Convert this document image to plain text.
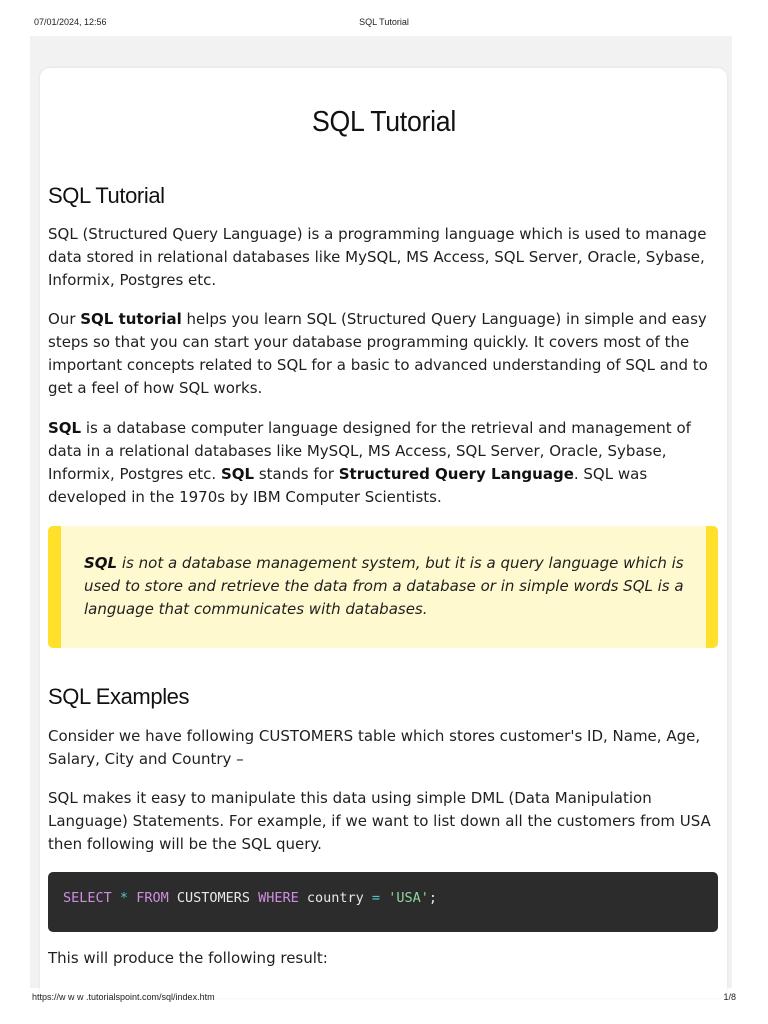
07/01/2024, 12:56	SQL Tutorial
SQL Tutorial
SQL Tutorial

SQL (Structured Query Language) is a programming language which is used to manage data stored in relational databases like MySQL, MS Access, SQL Server, Oracle, Sybase, Informix, Postgres etc.

Our SQL tutorial helps you learn SQL (Structured Query Language) in simple and easy steps so that you can start your database programming quickly. It covers most of the important concepts related to SQL for a basic to advanced understanding of SQL and to get a feel of how SQL works.

SQL is a database computer language designed for the retrieval and management of data in a relational databases like MySQL, MS Access, SQL Server, Oracle, Sybase, Informix, Postgres etc. SQL stands for Structured Query Language. SQL was developed in the 1970s by IBM Computer Scientists.

SQL is not a database management system, but it is a query language which is used to store and retrieve the data from a database or in simple words SQL is a language that communicates with databases.

SQL Examples

Consider we have following CUSTOMERS table which stores customer's ID, Name, Age, Salary, City and Country –

SQL makes it easy to manipulate this data using simple DML (Data Manipulation Language) Statements. For example, if we want to list down all the customers from USA then following will be the SQL query.

SELECT * FROM CUSTOMERS WHERE country = 'USA';

This will produce the following result:

https://w w w .tutorialspoint.com/sql/index.htm	1/8
